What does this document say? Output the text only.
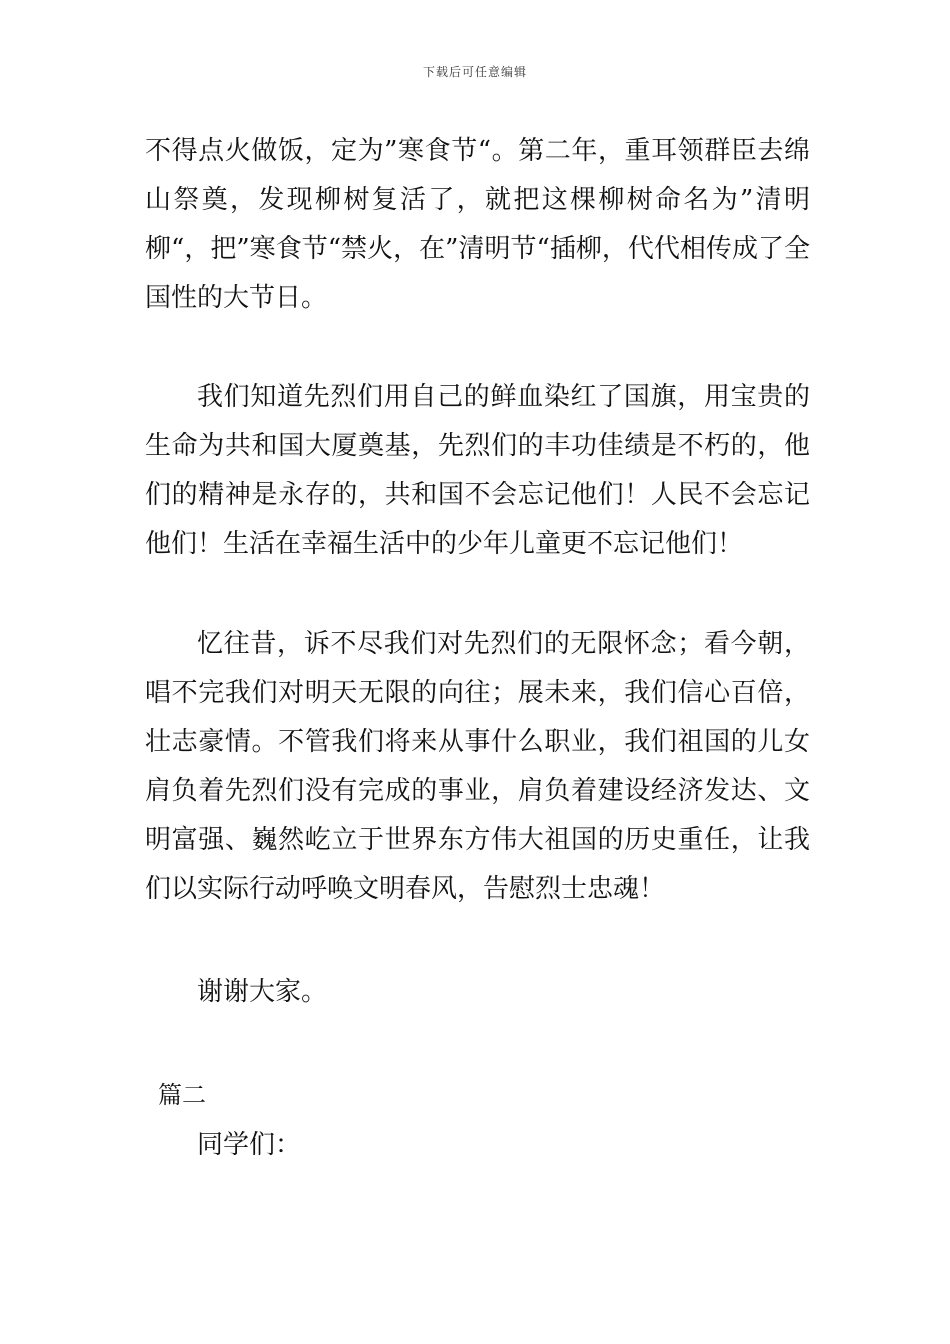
下载后可任意编辑

不得点火做饭，定为”寒食节“。第二年，重耳领群臣去绵山祭奠，发现柳树复活了，就把这棵柳树命名为”清明柳“，把”寒食节“禁火，在”清明节“插柳，代代相传成了全国性的大节日。

我们知道先烈们用自己的鲜血染红了国旗，用宝贵的生命为共和国大厦奠基，先烈们的丰功佳绩是不朽的，他们的精神是永存的，共和国不会忘记他们！人民不会忘记他们！生活在幸福生活中的少年儿童更不忘记他们！

忆往昔，诉不尽我们对先烈们的无限怀念；看今朝，唱不完我们对明天无限的向往；展未来，我们信心百倍，壮志豪情。不管我们将来从事什么职业，我们祖国的儿女肩负着先烈们没有完成的事业，肩负着建设经济发达、文明富强、巍然屹立于世界东方伟大祖国的历史重任，让我们以实际行动呼唤文明春风，告慰烈士忠魂！

谢谢大家。

篇二

同学们：
